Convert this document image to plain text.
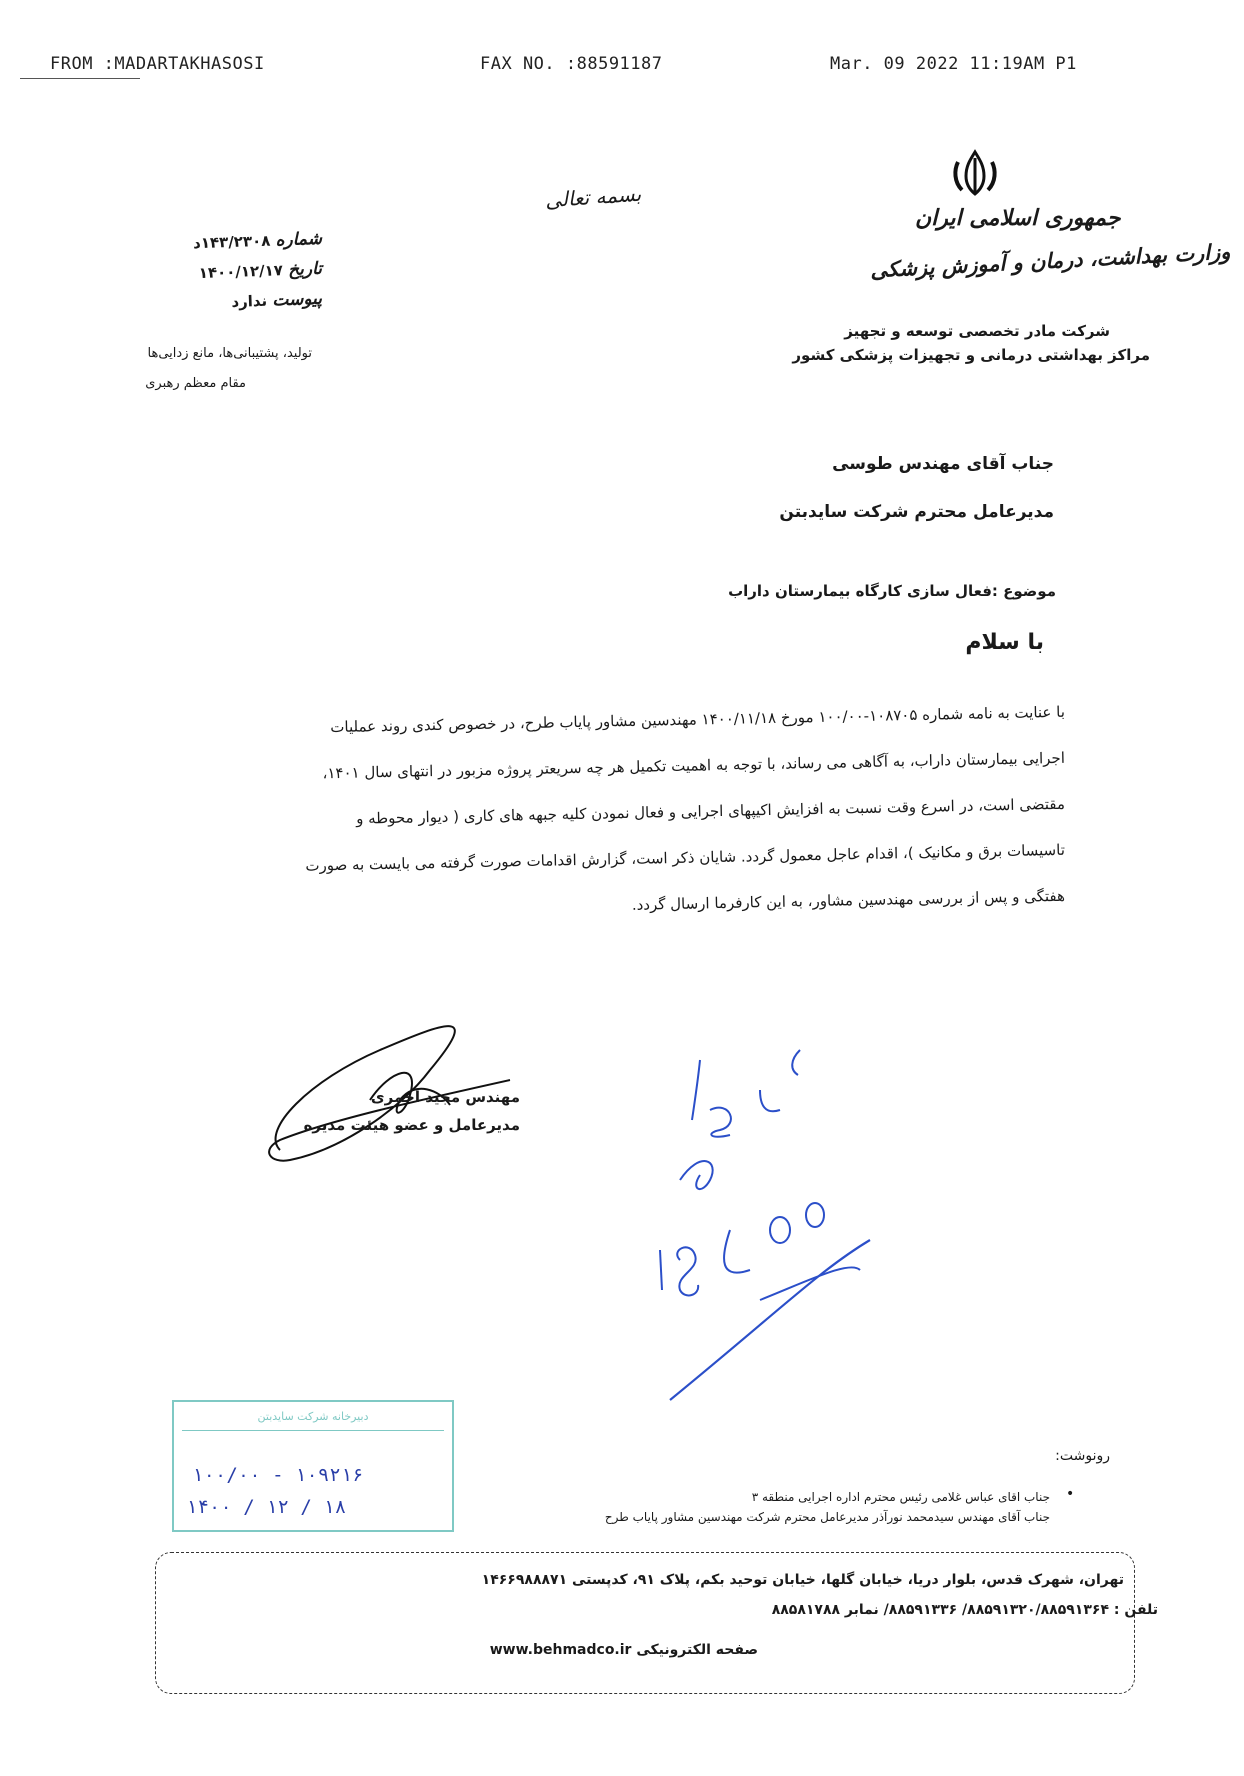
FROM :MADARTAKHASOSI	FAX NO. :88591187	Mar. 09 2022 11:19AM P1
بسمه تعالی
جمهوری اسلامی ایران
وزارت بهداشت، درمان و آموزش پزشکی
شرکت مادر تخصصی توسعه و تجهیز
مراکز بهداشتی درمانی و تجهیزات پزشکی کشور
شماره ۱۴۳/۲۳۰۸د
تاریخ ۱۴۰۰/۱۲/۱۷
پیوست ندارد
تولید، پشتیبانی‌ها، مانع زدایی‌ها
مقام معظم رهبری
جناب آقای مهندس طوسی
مدیرعامل محترم شرکت سایدبتن
موضوع :فعال سازی کارگاه بیمارستان داراب
با سلام
با عنایت به نامه شماره ۱۰۸۷۰۵-۱۰۰/۰۰ مورخ ۱۴۰۰/۱۱/۱۸ مهندسین مشاور پایاب طرح، در خصوص کندی روند عملیات
اجرایی بیمارستان داراب، به آگاهی می رساند، با توجه به اهمیت تکمیل هر چه سریعتر پروژه مزبور در انتهای سال ۱۴۰۱،
مقتضی است، در اسرع وقت نسبت به افزایش اکیپهای اجرایی و فعال نمودن کلیه جبهه های کاری ( دیوار محوطه و
تاسیسات برق و مکانیک )، اقدام عاجل معمول گردد. شایان ذکر است، گزارش اقدامات صورت گرفته می بایست به صورت
هفتگی و پس از بررسی مهندسین مشاور، به این کارفرما ارسال گردد.
مهندس مجید احمری
مدیرعامل و عضو هیئت مدیره
دبیرخانه شرکت سایدبتن
۱۰۰/۰۰ - ۱۰۹۲۱۶
۱۴۰۰ / ۱۲ / ۱۸
رونوشت:
•
جناب اقای عباس غلامی رئیس محترم اداره اجرایی منطقه ۳
جناب آقای مهندس سیدمحمد نورآذر مدیرعامل محترم شرکت مهندسین مشاور پایاب طرح
تهران، شهرک قدس، بلوار دریا، خیابان گلها، خیابان توحید بکم، پلاک ۹۱، کدپستی ۱۴۶۶۹۸۸۸۷۱
تلفن : ۸۸۵۹۱۳۲۰/۸۸۵۹۱۳۶۴/ ۸۸۵۹۱۳۳۶/ نمابر ۸۸۵۸۱۷۸۸
صفحه الکترونیکی www.behmadco.ir
